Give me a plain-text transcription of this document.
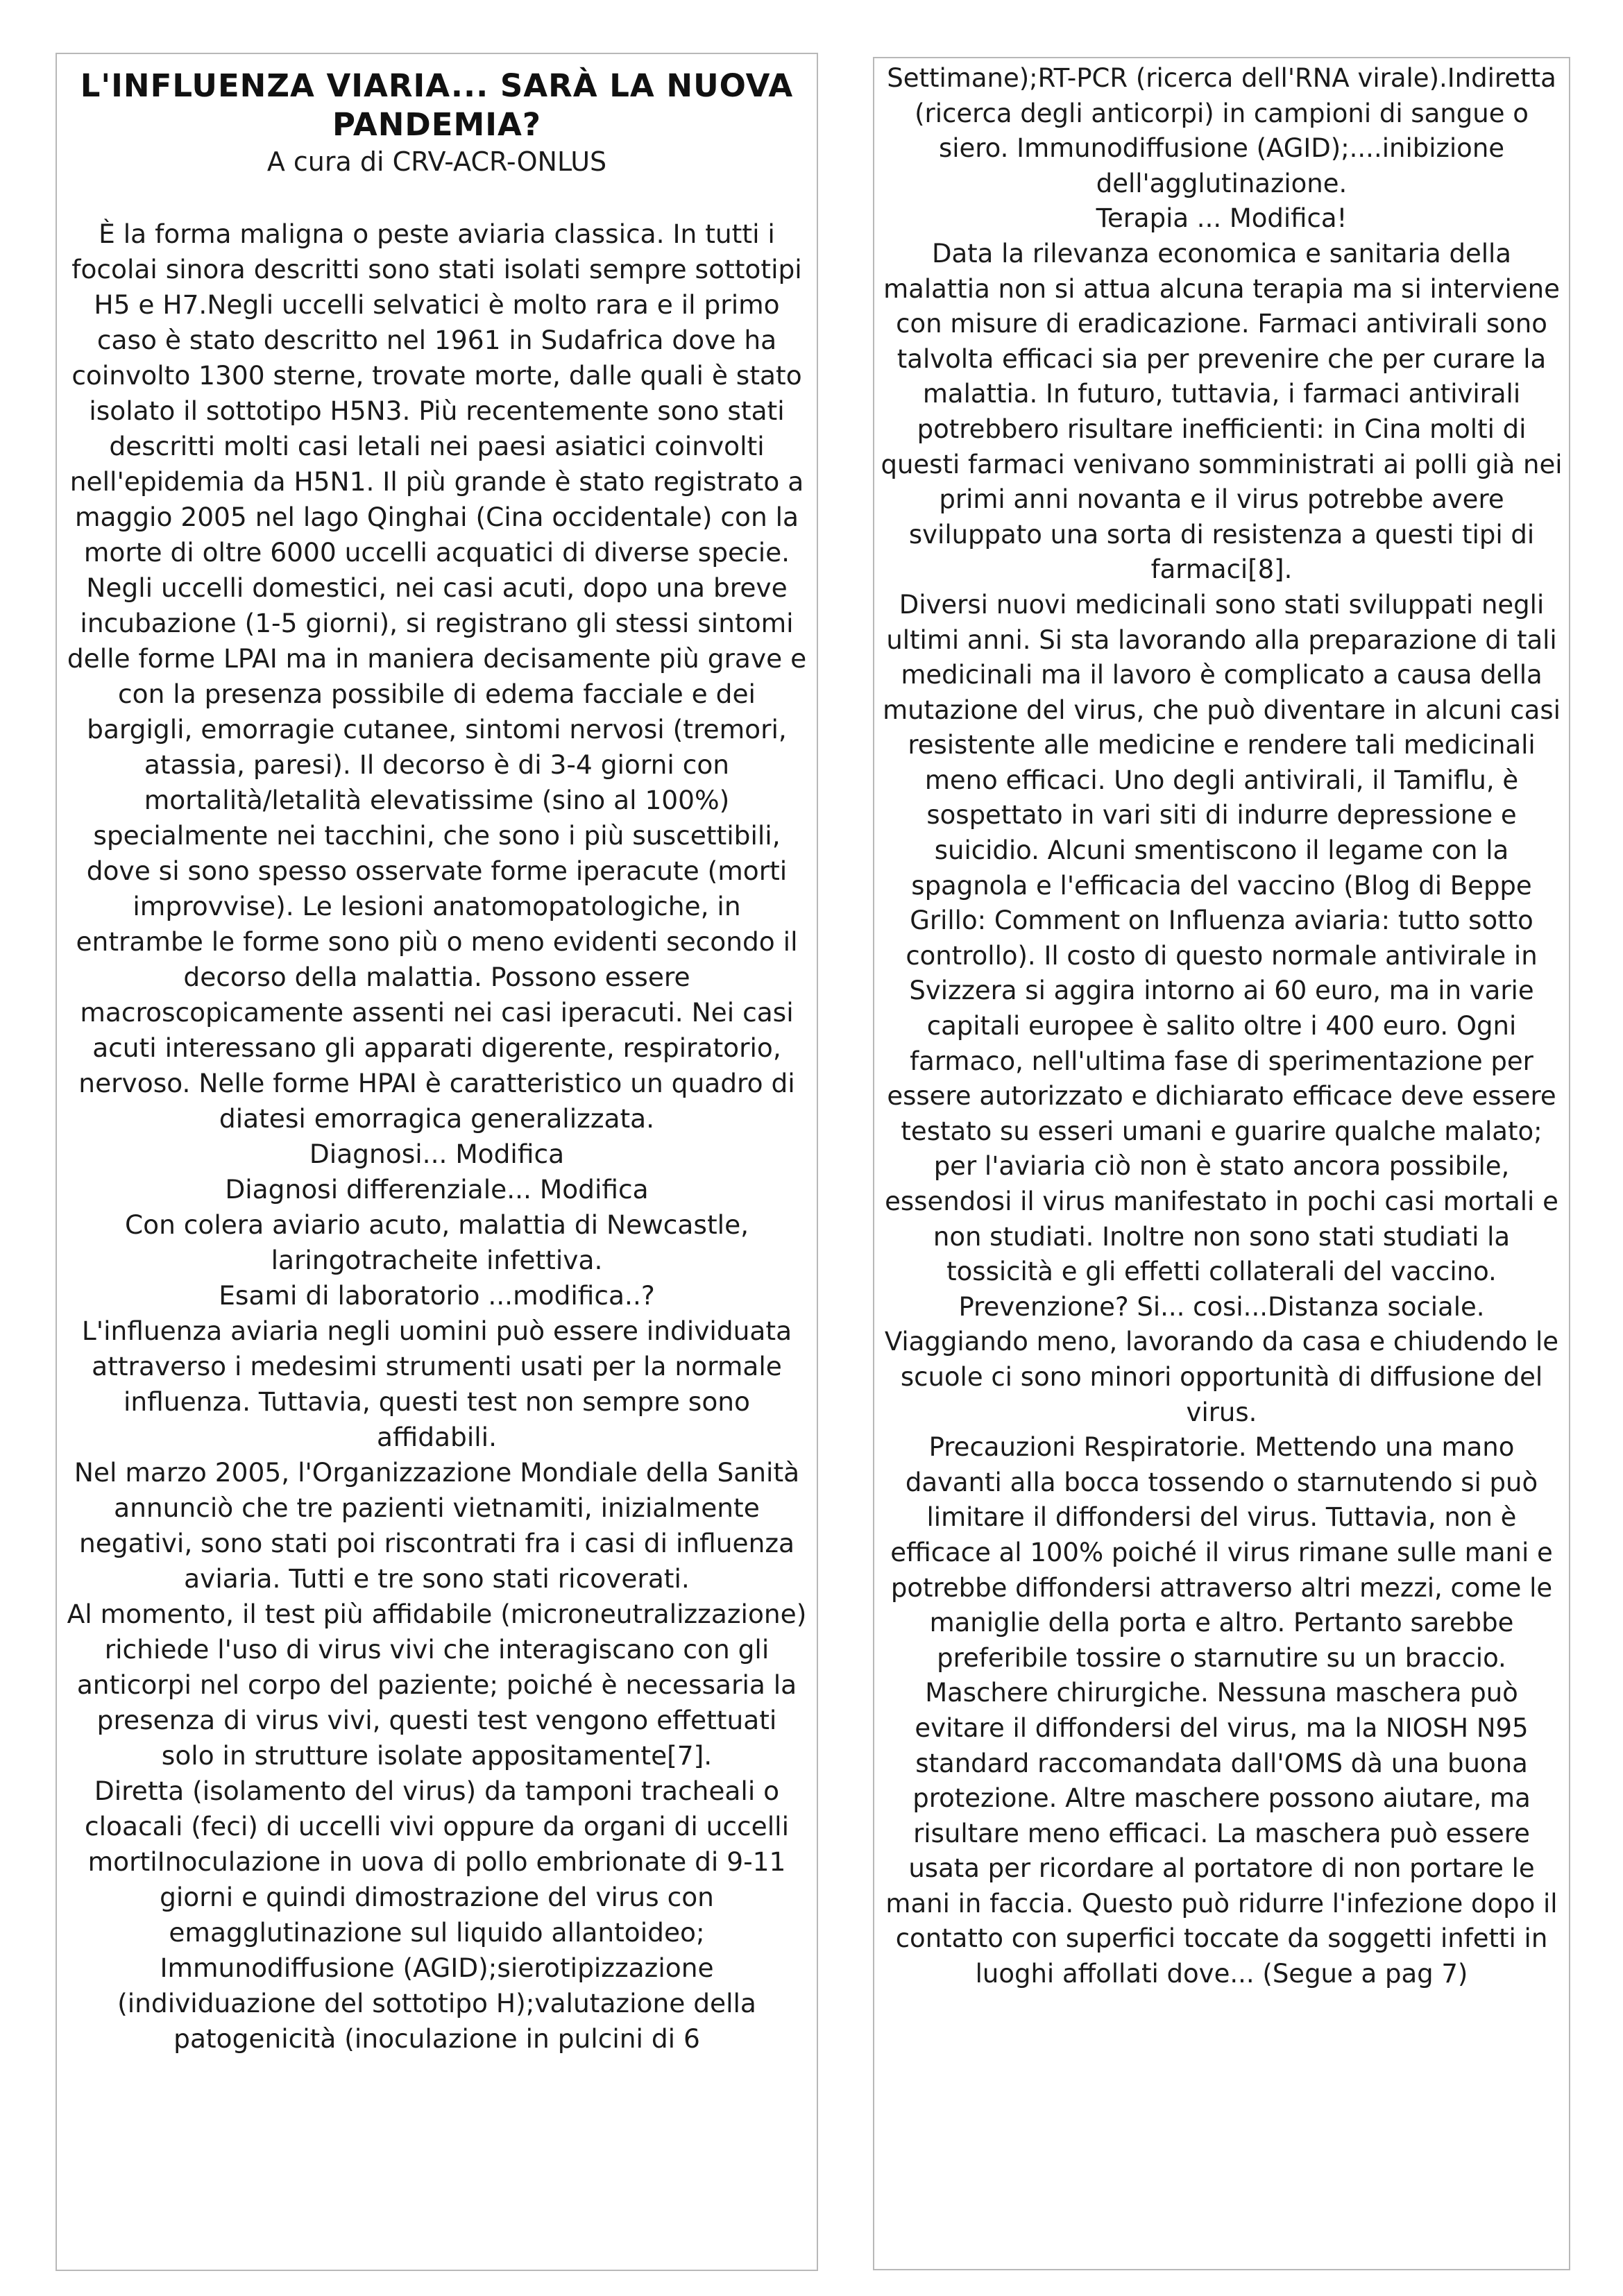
L'INFLUENZA VIARIA... SARÀ LA NUOVA PANDEMIA?

A cura di CRV-ACR-ONLUS

È la forma maligna o peste aviaria classica. In tutti i focolai sinora descritti sono stati isolati sempre sottotipi H5 e H7.Negli uccelli selvatici è molto rara e il primo caso è stato descritto nel 1961 in Sudafrica dove ha coinvolto 1300 sterne, trovate morte, dalle quali è stato isolato il sottotipo H5N3. Più recentemente sono stati descritti molti casi letali nei paesi asiatici coinvolti nell'epidemia da H5N1. Il più grande è stato registrato a maggio 2005 nel lago Qinghai (Cina occidentale) con la morte di oltre 6000 uccelli acquatici di diverse specie. Negli uccelli domestici, nei casi acuti, dopo una breve incubazione (1-5 giorni), si registrano gli stessi sintomi delle forme LPAI ma in maniera decisamente più grave e con la presenza possibile di edema facciale e dei bargigli, emorragie cutanee, sintomi nervosi (tremori, atassia, paresi). Il decorso è di 3-4 giorni con mortalità/letalità elevatissime (sino al 100%) specialmente nei tacchini, che sono i più suscettibili, dove si sono spesso osservate forme iperacute (morti improvvise). Le lesioni anatomopatologiche, in entrambe le forme sono più o meno evidenti secondo il decorso della malattia. Possono essere macroscopicamente assenti nei casi iperacuti. Nei casi acuti interessano gli apparati digerente, respiratorio, nervoso. Nelle forme HPAI è caratteristico un quadro di diatesi emorragica generalizzata.

Diagnosi... Modifica

Diagnosi differenziale... Modifica

Con colera aviario acuto, malattia di Newcastle, laringotracheite infettiva.

Esami di laboratorio ...modifica..?

L'influenza aviaria negli uomini può essere individuata attraverso i medesimi strumenti usati per la normale influenza. Tuttavia, questi test non sempre sono affidabili.

Nel marzo 2005, l'Organizzazione Mondiale della Sanità annunciò che tre pazienti vietnamiti, inizialmente negativi, sono stati poi riscontrati fra i casi di influenza aviaria. Tutti e tre sono stati ricoverati.

Al momento, il test più affidabile (microneutralizzazione) richiede l'uso di virus vivi che interagiscano con gli anticorpi nel corpo del paziente; poiché è necessaria la presenza di virus vivi, questi test vengono effettuati solo in strutture isolate appositamente[7].

Diretta (isolamento del virus) da tamponi tracheali o cloacali (feci) di uccelli vivi oppure da organi di uccelli mortiInoculazione in uova di pollo embrionate di 9-11 giorni e quindi dimostrazione del virus con emagglutinazione sul liquido allantoideo;

Immunodiffusione (AGID);sierotipizzazione (individuazione del sottotipo H);valutazione della patogenicità (inoculazione in pulcini di 6

Settimane);RT-PCR (ricerca dell'RNA virale).Indiretta (ricerca degli anticorpi) in campioni di sangue o siero. Immunodiffusione (AGID);....inibizione dell'agglutinazione.

Terapia ... Modifica!

Data la rilevanza economica e sanitaria della malattia non si attua alcuna terapia ma si interviene con misure di eradicazione. Farmaci antivirali sono talvolta efficaci sia per prevenire che per curare la malattia. In futuro, tuttavia, i farmaci antivirali potrebbero risultare inefficienti: in Cina molti di questi farmaci venivano somministrati ai polli già nei primi anni novanta e il virus potrebbe avere sviluppato una sorta di resistenza a questi tipi di farmaci[8].

Diversi nuovi medicinali sono stati sviluppati negli ultimi anni. Si sta lavorando alla preparazione di tali medicinali ma il lavoro è complicato a causa della mutazione del virus, che può diventare in alcuni casi resistente alle medicine e rendere tali medicinali meno efficaci. Uno degli antivirali, il Tamiflu, è sospettato in vari siti di indurre depressione e suicidio. Alcuni smentiscono il legame con la spagnola e l'efficacia del vaccino (Blog di Beppe Grillo: Comment on Influenza aviaria: tutto sotto controllo). Il costo di questo normale antivirale in Svizzera si aggira intorno ai 60 euro, ma in varie capitali europee è salito oltre i 400 euro. Ogni farmaco, nell'ultima fase di sperimentazione per essere autorizzato e dichiarato efficace deve essere testato su esseri umani e guarire qualche malato; per l'aviaria ciò non è stato ancora possibile, essendosi il virus manifestato in pochi casi mortali e non studiati. Inoltre non sono stati studiati la tossicità e gli effetti collaterali del vaccino.

Prevenzione? Si... cosi...Distanza sociale.

Viaggiando meno, lavorando da casa e chiudendo le scuole ci sono minori opportunità di diffusione del virus.

Precauzioni Respiratorie. Mettendo una mano davanti alla bocca tossendo o starnutendo si può limitare il diffondersi del virus. Tuttavia, non è efficace al 100% poiché il virus rimane sulle mani e potrebbe diffondersi attraverso altri mezzi, come le maniglie della porta e altro. Pertanto sarebbe preferibile tossire o starnutire su un braccio.

Maschere chirurgiche. Nessuna maschera può evitare il diffondersi del virus, ma la NIOSH N95 standard raccomandata dall'OMS dà una buona protezione. Altre maschere possono aiutare, ma risultare meno efficaci. La maschera può essere usata per ricordare al portatore di non portare le mani in faccia. Questo può ridurre l'infezione dopo il contatto con superfici toccate da soggetti infetti in luoghi affollati dove... (Segue a pag 7)
